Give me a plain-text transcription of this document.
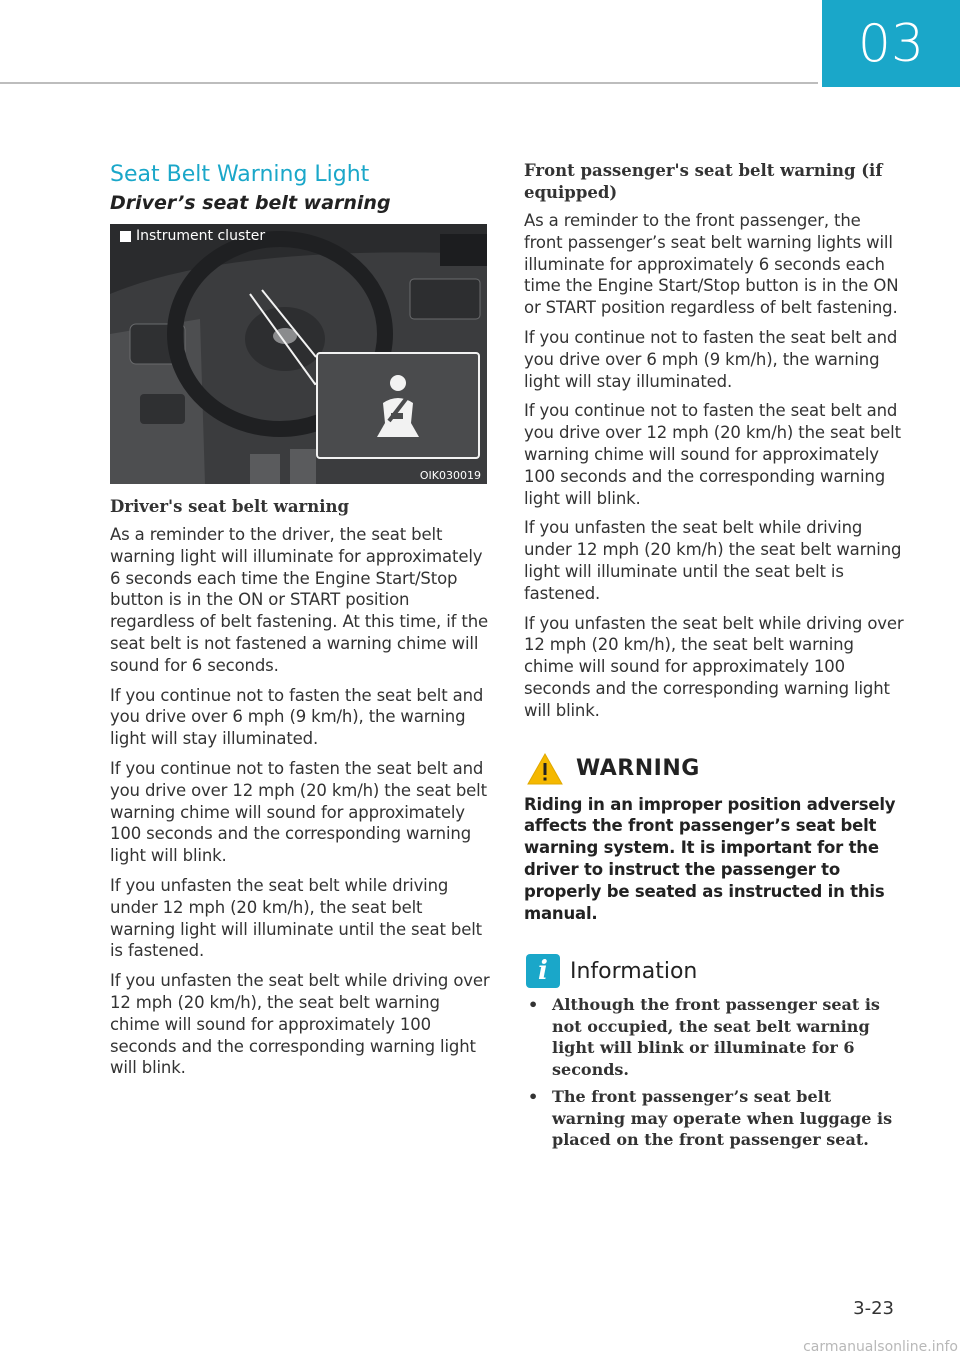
03
Seat Belt Warning Light
Driver’s seat belt warning
Instrument cluster
OIK030019
Driver's seat belt warning

As a reminder to the driver, the seat belt warning light will illuminate for approximately 6 seconds each time the Engine Start/Stop button is in the ON or START position regardless of belt fastening. At this time, if the seat belt is not fastened a warning chime will sound for 6 seconds.

If you continue not to fasten the seat belt and you drive over 6 mph (9 km/h), the warning light will stay illuminated.

If you continue not to fasten the seat belt and you drive over 12 mph (20 km/h) the seat belt warning chime will sound for approximately 100 seconds and the corresponding warning light will blink.

If you unfasten the seat belt while driving under 12 mph (20 km/h), the seat belt warning light will illuminate until the seat belt is fastened.

If you unfasten the seat belt while driving over 12 mph (20 km/h), the seat belt warning chime will sound for approximately 100 seconds and the corresponding warning light will blink.

Front passenger's seat belt warning (if equipped)

As a reminder to the front passenger, the front passenger’s seat belt warning lights will illuminate for approximately 6 seconds each time the Engine Start/Stop button is in the ON or START position regardless of belt fastening.

If you continue not to fasten the seat belt and you drive over 6 mph (9 km/h), the warning light will stay illuminated.

If you continue not to fasten the seat belt and you drive over 12 mph (20 km/h) the seat belt warning chime will sound for approximately 100 seconds and the corresponding warning light will blink.

If you unfasten the seat belt while driving under 12 mph (20 km/h) the seat belt warning light will illuminate until the seat belt is fastened.

If you unfasten the seat belt while driving over 12 mph (20 km/h), the seat belt warning chime will sound for approximately 100 seconds and the corresponding warning light will blink.

WARNING

Riding in an improper position adversely affects the front passenger’s seat belt warning system. It is important for the driver to instruct the passenger to properly be seated as instructed in this manual.

i	Information
• Although the front passenger seat is not occupied, the seat belt warning light will blink or illuminate for 6 seconds.
• The front passenger’s seat belt warning may operate when luggage is placed on the front passenger seat.
3-23
carmanualsonline.info
